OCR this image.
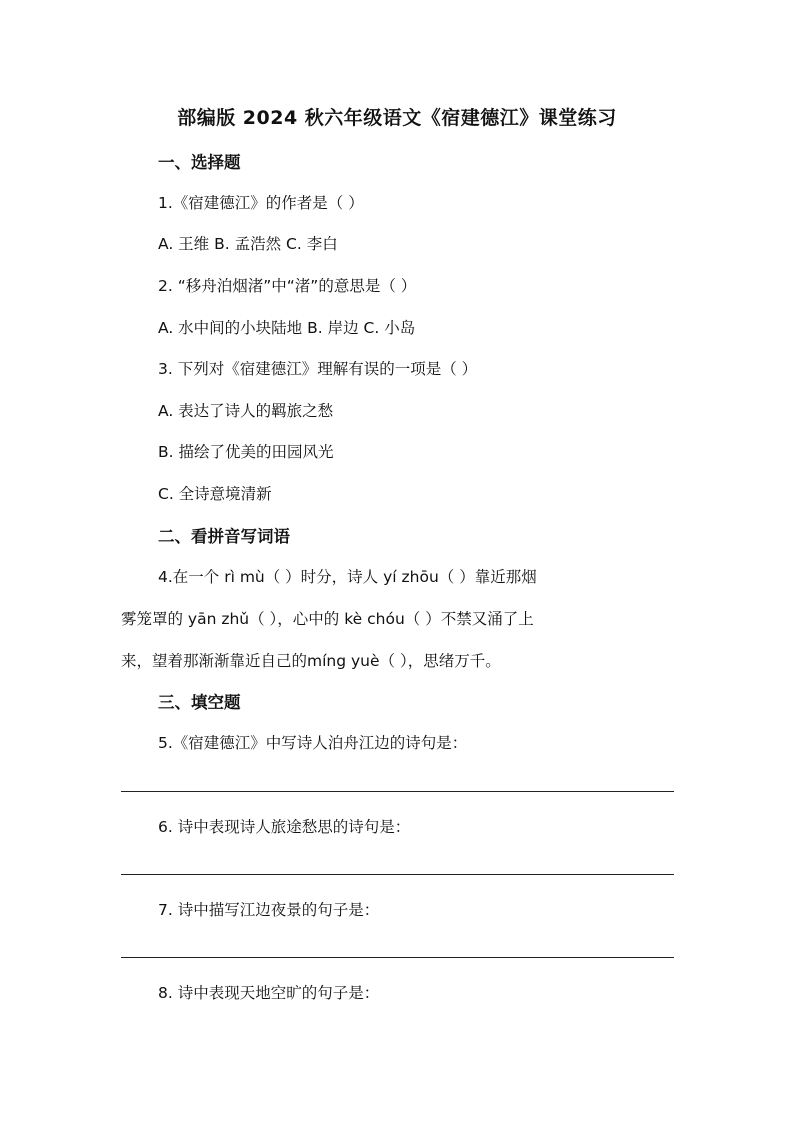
部编版 2024 秋六年级语文《宿建德江》课堂练习
一、选择题
1.《宿建德江》的作者是（ ）
A. 王维 B. 孟浩然 C. 李白
2. “移舟泊烟渚”中“渚”的意思是（ ）
A. 水中间的小块陆地 B. 岸边 C. 小岛
3. 下列对《宿建德江》理解有误的一项是（ ）
A. 表达了诗人的羁旅之愁
B. 描绘了优美的田园风光
C. 全诗意境清新
二、看拼音写词语
4.在一个 rì mù（ ）时分，诗人 yí zhōu（ ）靠近那烟
雾笼罩的 yān zhǔ（ ），心中的 kè chóu（ ）不禁又涌了上
来，望着那渐渐靠近自己的míng yuè（ ），思绪万千。
三、填空题
5.《宿建德江》中写诗人泊舟江边的诗句是：
6. 诗中表现诗人旅途愁思的诗句是：
7. 诗中描写江边夜景的句子是：
8. 诗中表现天地空旷的句子是：
